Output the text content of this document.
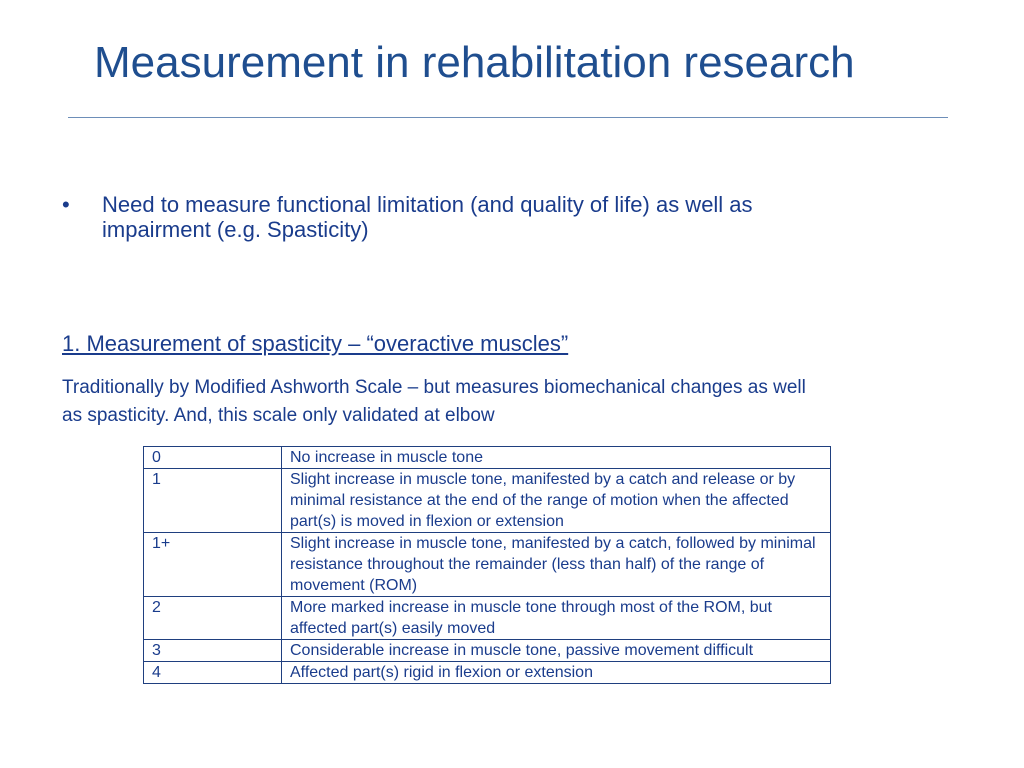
Measurement in rehabilitation research
• Need to measure functional limitation (and quality of life) as well as impairment (e.g. Spasticity)
1. Measurement of spasticity – “overactive muscles”
Traditionally by Modified Ashworth Scale – but measures biomechanical changes as well as spasticity. And, this scale only validated at elbow
0	No increase in muscle tone
1	Slight increase in muscle tone, manifested by a catch and release or by minimal resistance at the end of the range of motion when the affected part(s) is moved in flexion or extension
1+	Slight increase in muscle tone, manifested by a catch, followed by minimal resistance throughout the remainder (less than half) of the range of movement (ROM)
2	More marked increase in muscle tone through most of the ROM, but affected part(s) easily moved
3	Considerable increase in muscle tone, passive movement difficult
4	Affected part(s) rigid in flexion or extension
